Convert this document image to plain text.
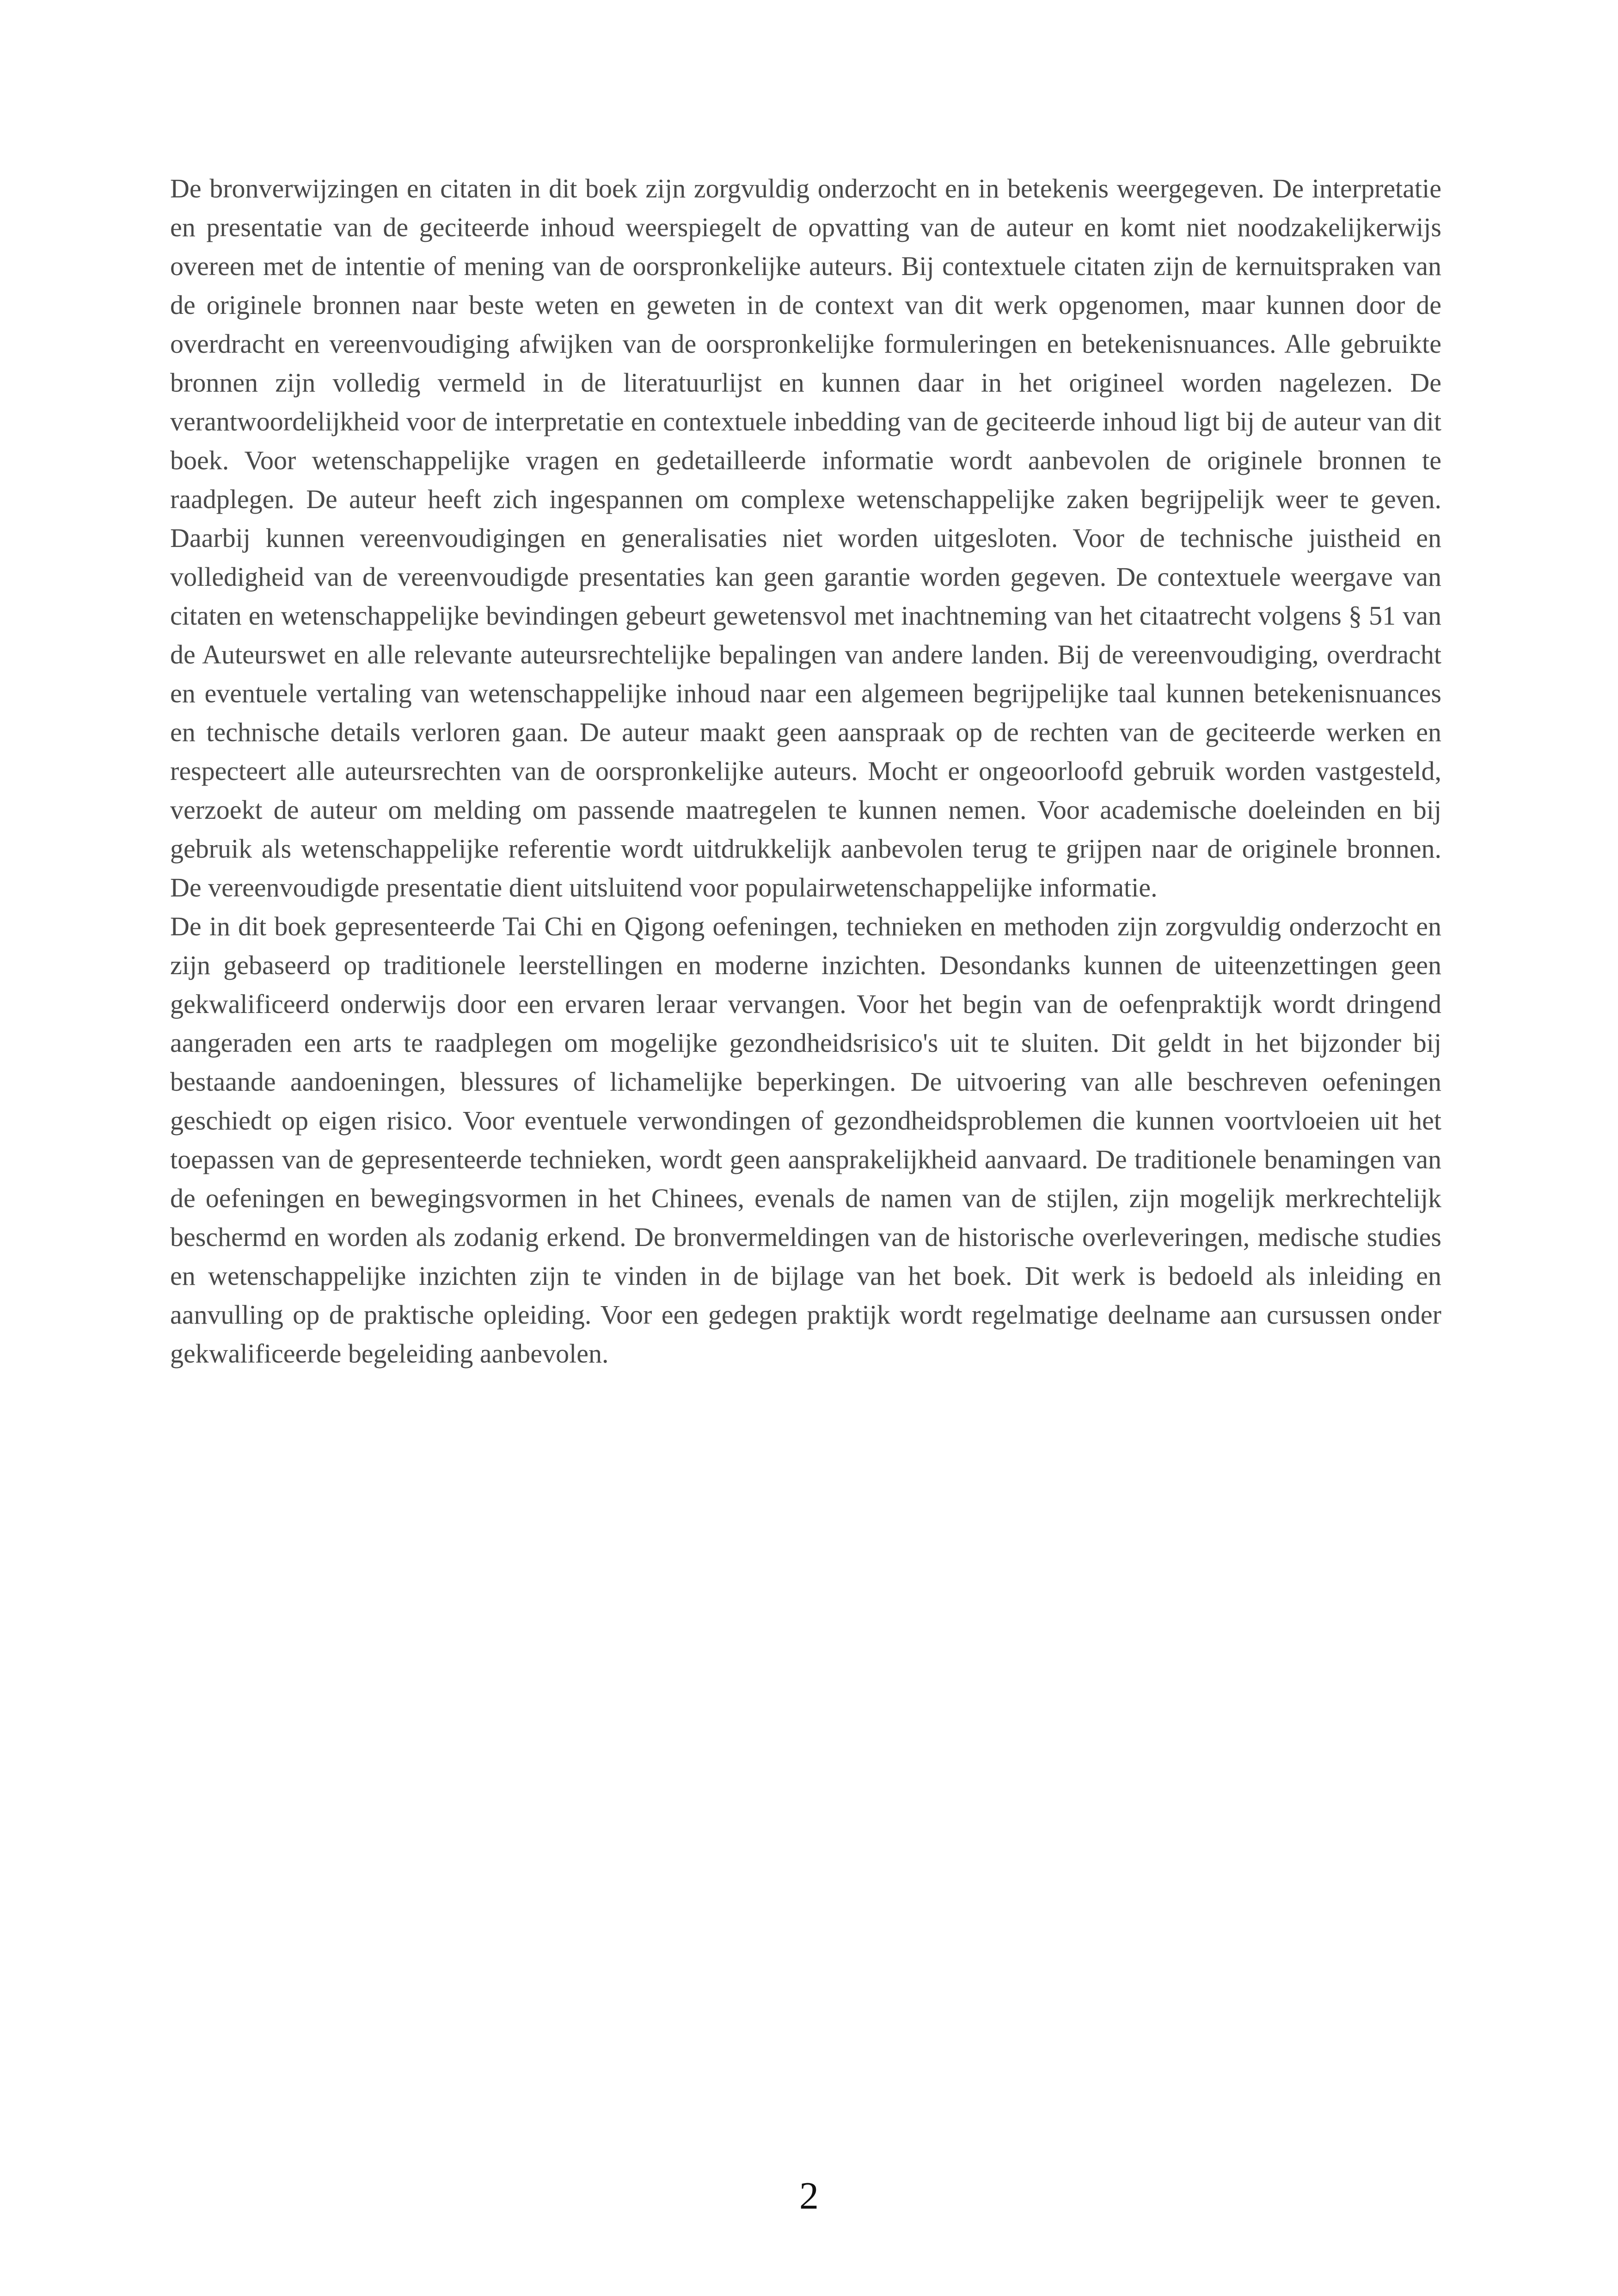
De bronverwijzingen en citaten in dit boek zijn zorgvuldig onderzocht en in betekenis weergegeven. De interpretatie en presentatie van de geciteerde inhoud weerspiegelt de opvatting van de auteur en komt niet noodzakelijkerwijs overeen met de intentie of mening van de oorspronkelijke auteurs. Bij contextuele citaten zijn de kernuitspraken van de originele bronnen naar beste weten en geweten in de context van dit werk opgenomen, maar kunnen door de overdracht en vereenvoudiging afwijken van de oorspronkelijke formuleringen en betekenisnuances. Alle gebruikte bronnen zijn volledig vermeld in de literatuurlijst en kunnen daar in het origineel worden nagelezen. De verantwoordelijkheid voor de interpretatie en contextuele inbedding van de geciteerde inhoud ligt bij de auteur van dit boek. Voor wetenschappelijke vragen en gedetailleerde informatie wordt aanbevolen de originele bronnen te raadplegen. De auteur heeft zich ingespannen om complexe wetenschappelijke zaken begrijpelijk weer te geven. Daarbij kunnen vereenvoudigingen en generalisaties niet worden uitgesloten. Voor de technische juistheid en volledigheid van de vereenvoudigde presentaties kan geen garantie worden gegeven. De contextuele weergave van citaten en wetenschappelijke bevindingen gebeurt gewetensvol met inachtneming van het citaatrecht volgens § 51 van de Auteurswet en alle relevante auteursrechtelijke bepalingen van andere landen. Bij de vereenvoudiging, overdracht en eventuele vertaling van wetenschappelijke inhoud naar een algemeen begrijpelijke taal kunnen betekenisnuances en technische details verloren gaan. De auteur maakt geen aanspraak op de rechten van de geciteerde werken en respecteert alle auteursrechten van de oorspronkelijke auteurs. Mocht er ongeoorloofd gebruik worden vastgesteld, verzoekt de auteur om melding om passende maatregelen te kunnen nemen. Voor academische doeleinden en bij gebruik als wetenschappelijke referentie wordt uitdrukkelijk aanbevolen terug te grijpen naar de originele bronnen. De vereenvoudigde presentatie dient uitsluitend voor populairwetenschappelijke informatie.

De in dit boek gepresenteerde Tai Chi en Qigong oefeningen, technieken en methoden zijn zorgvuldig onderzocht en zijn gebaseerd op traditionele leerstellingen en moderne inzichten. Desondanks kunnen de uiteenzettingen geen gekwalificeerd onderwijs door een ervaren leraar vervangen. Voor het begin van de oefenpraktijk wordt dringend aangeraden een arts te raadplegen om mogelijke gezondheidsrisico's uit te sluiten. Dit geldt in het bijzonder bij bestaande aandoeningen, blessures of lichamelijke beperkingen. De uitvoering van alle beschreven oefeningen geschiedt op eigen risico. Voor eventuele verwondingen of gezondheidsproblemen die kunnen voortvloeien uit het toepassen van de gepresenteerde technieken, wordt geen aansprakelijkheid aanvaard. De traditionele benamingen van de oefeningen en bewegingsvormen in het Chinees, evenals de namen van de stijlen, zijn mogelijk merkrechtelijk beschermd en worden als zodanig erkend. De bronvermeldingen van de historische overleveringen, medische studies en wetenschappelijke inzichten zijn te vinden in de bijlage van het boek. Dit werk is bedoeld als inleiding en aanvulling op de praktische opleiding. Voor een gedegen praktijk wordt regelmatige deelname aan cursussen onder gekwalificeerde begeleiding aanbevolen.

2
